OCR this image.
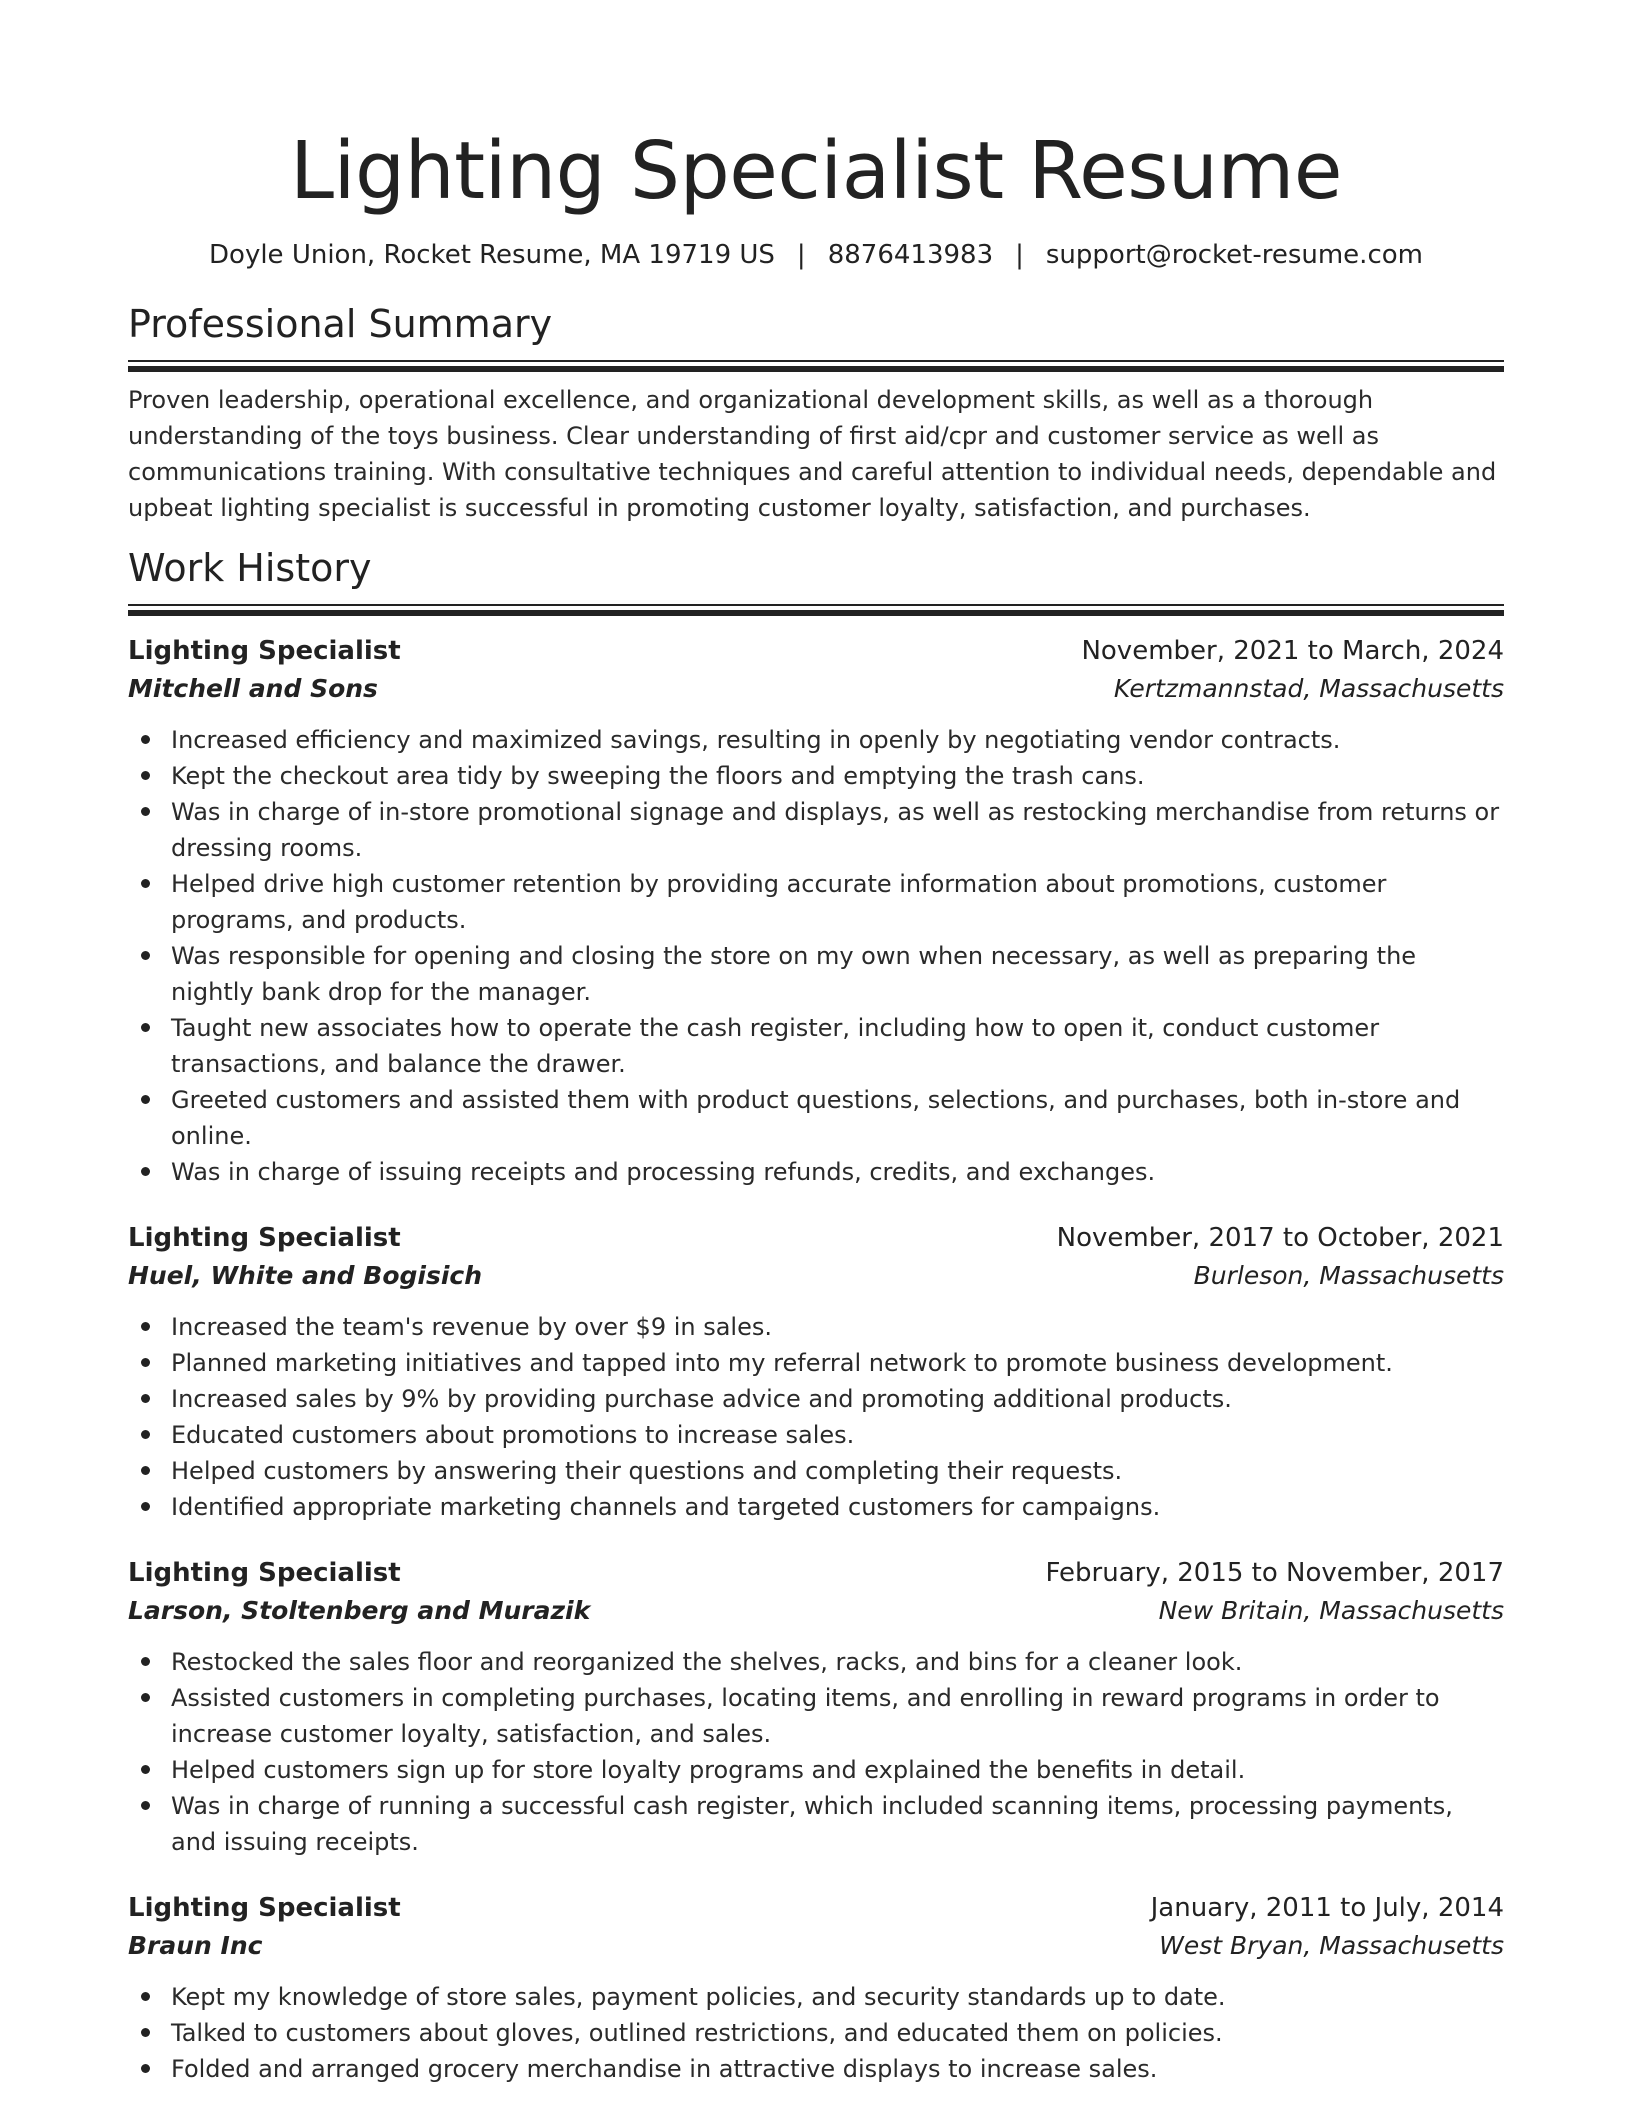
Lighting Specialist Resume
Doyle Union, Rocket Resume, MA 19719 US | 8876413983 | support@rocket-resume.com
Professional Summary

Proven leadership, operational excellence, and organizational development skills, as well as a thorough understanding of the toys business. Clear understanding of first aid/cpr and customer service as well as communications training. With consultative techniques and careful attention to individual needs, dependable and upbeat lighting specialist is successful in promoting customer loyalty, satisfaction, and purchases.

Work History
Lighting Specialist	November, 2021 to March, 2024
Mitchell and Sons	Kertzmannstad, Massachusetts
Increased efficiency and maximized savings, resulting in openly by negotiating vendor contracts.
Kept the checkout area tidy by sweeping the floors and emptying the trash cans.
Was in charge of in-store promotional signage and displays, as well as restocking merchandise from returns or dressing rooms.
Helped drive high customer retention by providing accurate information about promotions, customer programs, and products.
Was responsible for opening and closing the store on my own when necessary, as well as preparing the nightly bank drop for the manager.
Taught new associates how to operate the cash register, including how to open it, conduct customer transactions, and balance the drawer.
Greeted customers and assisted them with product questions, selections, and purchases, both in-store and online.
Was in charge of issuing receipts and processing refunds, credits, and exchanges.
Lighting Specialist	November, 2017 to October, 2021
Huel, White and Bogisich	Burleson, Massachusetts
Increased the team's revenue by over $9 in sales.
Planned marketing initiatives and tapped into my referral network to promote business development.
Increased sales by 9% by providing purchase advice and promoting additional products.
Educated customers about promotions to increase sales.
Helped customers by answering their questions and completing their requests.
Identified appropriate marketing channels and targeted customers for campaigns.
Lighting Specialist	February, 2015 to November, 2017
Larson, Stoltenberg and Murazik	New Britain, Massachusetts
Restocked the sales floor and reorganized the shelves, racks, and bins for a cleaner look.
Assisted customers in completing purchases, locating items, and enrolling in reward programs in order to increase customer loyalty, satisfaction, and sales.
Helped customers sign up for store loyalty programs and explained the benefits in detail.
Was in charge of running a successful cash register, which included scanning items, processing payments, and issuing receipts.
Lighting Specialist	January, 2011 to July, 2014
Braun Inc	West Bryan, Massachusetts
Kept my knowledge of store sales, payment policies, and security standards up to date.
Talked to customers about gloves, outlined restrictions, and educated them on policies.
Folded and arranged grocery merchandise in attractive displays to increase sales.
